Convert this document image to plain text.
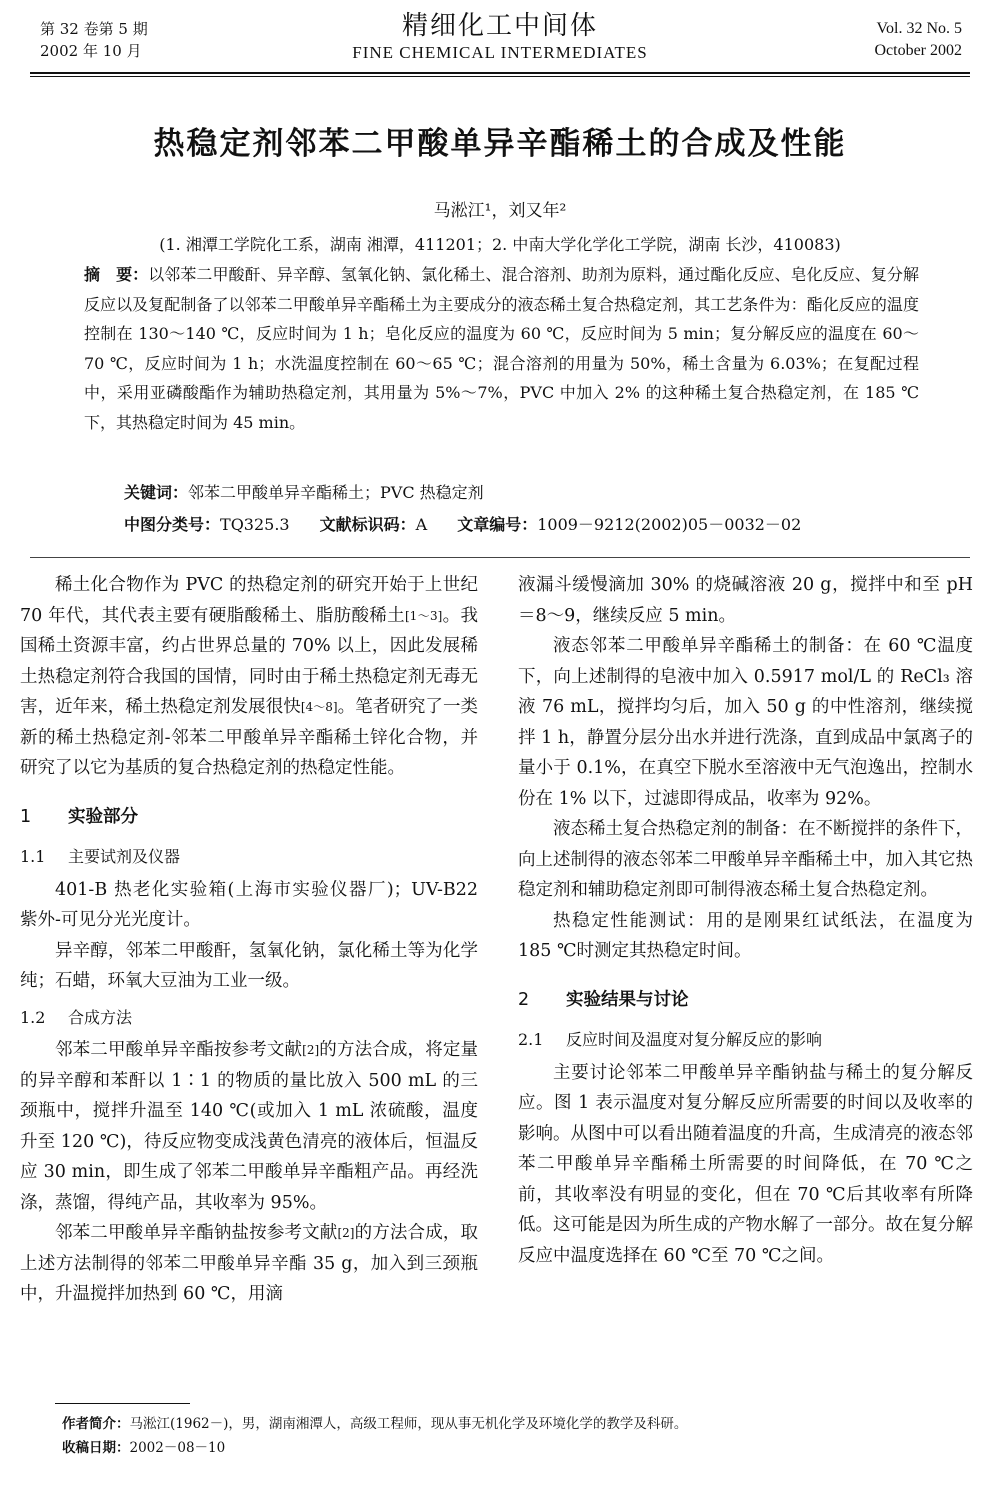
第 32 卷第 5 期
2002 年 10 月
精细化工中间体
FINE CHEMICAL INTERMEDIATES
Vol. 32 No. 5
October 2002
热稳定剂邻苯二甲酸单异辛酯稀土的合成及性能
马淞江¹，刘又年²
(1. 湘潭工学院化工系，湖南 湘潭，411201；2. 中南大学化学化工学院，湖南 长沙，410083)
摘　要：以邻苯二甲酸酐、异辛醇、氢氧化钠、氯化稀土、混合溶剂、助剂为原料，通过酯化反应、皂化反应、复分解反应以及复配制备了以邻苯二甲酸单异辛酯稀土为主要成分的液态稀土复合热稳定剂，其工艺条件为：酯化反应的温度控制在 130～140 ℃，反应时间为 1 h；皂化反应的温度为 60 ℃，反应时间为 5 min；复分解反应的温度在 60～70 ℃，反应时间为 1 h；水洗温度控制在 60～65 ℃；混合溶剂的用量为 50%，稀土含量为 6.03%；在复配过程中，采用亚磷酸酯作为辅助热稳定剂，其用量为 5%～7%，PVC 中加入 2% 的这种稀土复合热稳定剂，在 185 ℃下，其热稳定时间为 45 min。
关键词：邻苯二甲酸单异辛酯稀土；PVC 热稳定剂
中图分类号：TQ325.3 文献标识码：A 文章编号：1009－9212(2002)05－0032－02

稀土化合物作为 PVC 的热稳定剂的研究开始于上世纪 70 年代，其代表主要有硬脂酸稀土、脂肪酸稀土[1～3]。我国稀土资源丰富，约占世界总量的 70% 以上，因此发展稀土热稳定剂符合我国的国情，同时由于稀土热稳定剂无毒无害，近年来，稀土热稳定剂发展很快[4～8]。笔者研究了一类新的稀土热稳定剂-邻苯二甲酸单异辛酯稀土锌化合物，并研究了以它为基质的复合热稳定剂的热稳定性能。

1 实验部分
1.1 主要试剂及仪器

401-B 热老化实验箱(上海市实验仪器厂)；UV-B22 紫外-可见分光光度计。

异辛醇，邻苯二甲酸酐，氢氧化钠，氯化稀土等为化学纯；石蜡，环氧大豆油为工业一级。

1.2 合成方法

邻苯二甲酸单异辛酯按参考文献[2]的方法合成，将定量的异辛醇和苯酐以 1∶1 的物质的量比放入 500 mL 的三颈瓶中，搅拌升温至 140 ℃(或加入 1 mL 浓硫酸，温度升至 120 ℃)，待反应物变成浅黄色清亮的液体后，恒温反应 30 min，即生成了邻苯二甲酸单异辛酯粗产品。再经洗涤，蒸馏，得纯产品，其收率为 95%。

邻苯二甲酸单异辛酯钠盐按参考文献[2]的方法合成，取上述方法制得的邻苯二甲酸单异辛酯 35 g，加入到三颈瓶中，升温搅拌加热到 60 ℃，用滴

液漏斗缓慢滴加 30% 的烧碱溶液 20 g，搅拌中和至 pH＝8～9，继续反应 5 min。

液态邻苯二甲酸单异辛酯稀土的制备：在 60 ℃温度下，向上述制得的皂液中加入 0.5917 mol/L 的 ReCl₃ 溶液 76 mL，搅拌均匀后，加入 50 g 的中性溶剂，继续搅拌 1 h，静置分层分出水并进行洗涤，直到成品中氯离子的量小于 0.1%，在真空下脱水至溶液中无气泡逸出，控制水份在 1% 以下，过滤即得成品，收率为 92%。

液态稀土复合热稳定剂的制备：在不断搅拌的条件下，向上述制得的液态邻苯二甲酸单异辛酯稀土中，加入其它热稳定剂和辅助稳定剂即可制得液态稀土复合热稳定剂。

热稳定性能测试：用的是刚果红试纸法，在温度为 185 ℃时测定其热稳定时间。

2 实验结果与讨论
2.1 反应时间及温度对复分解反应的影响

主要讨论邻苯二甲酸单异辛酯钠盐与稀土的复分解反应。图 1 表示温度对复分解反应所需要的时间以及收率的影响。从图中可以看出随着温度的升高，生成清亮的液态邻苯二甲酸单异辛酯稀土所需要的时间降低，在 70 ℃之前，其收率没有明显的变化，但在 70 ℃后其收率有所降低。这可能是因为所生成的产物水解了一部分。故在复分解反应中温度选择在 60 ℃至 70 ℃之间。

作者简介：马淞江(1962－)，男，湖南湘潭人，高级工程师，现从事无机化学及环境化学的教学及科研。
收稿日期：2002－08－10
